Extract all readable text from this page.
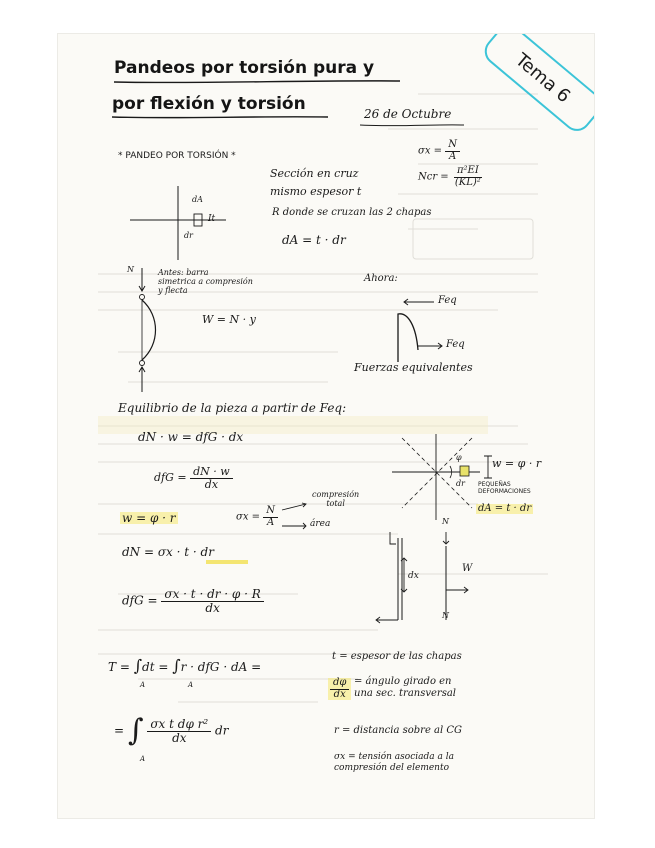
Tema 6
Pandeos por torsión pura y
por flexión y torsión	26 de Octubre
* PANDEO POR TORSIÓN *	$\sigma x = \frac{N}{A}$
Ncr = $\frac{\text{π²EI}}{\text{(KL)²}}$
Sección en cruz
mismo espesor t
R donde se cruzan las 2 chapas
dA = t · dr
dA
It
dr
N	Antes: barra
simetrica a compresión
y flecta
W = N · y
Ahora:
Feq
Feq
Fuerzas equivalentes
Equilibrio de la pieza a partir de Feq:
dN · w = dfG · dx
dfG = $\frac{dN \cdot w}{dx}$
w = φ · r	$\sigma x = \frac{N}{A}$
compresión
total
área
dN = σx · t · dr
dfG = $\frac{\sigma x \cdot t \cdot dr \cdot \varphi \cdot R}{dx}$
φ	w = φ · r
dr PEQUEÑAS
DEFORMACIONES
dA = t · dr
N
W
dx
N
T = ∫dt = ∫r · dfG · dA =
A	A
= ∫ $\frac{\text{σx t dφ r²}}{dx}$ dr
A
t = espesor de las chapas
$\frac{d\varphi}{dx}$ = ángulo girado en
una sec. transversal
r = distancia sobre al CG
σx = tensión asociada a la
compresión del elemento
